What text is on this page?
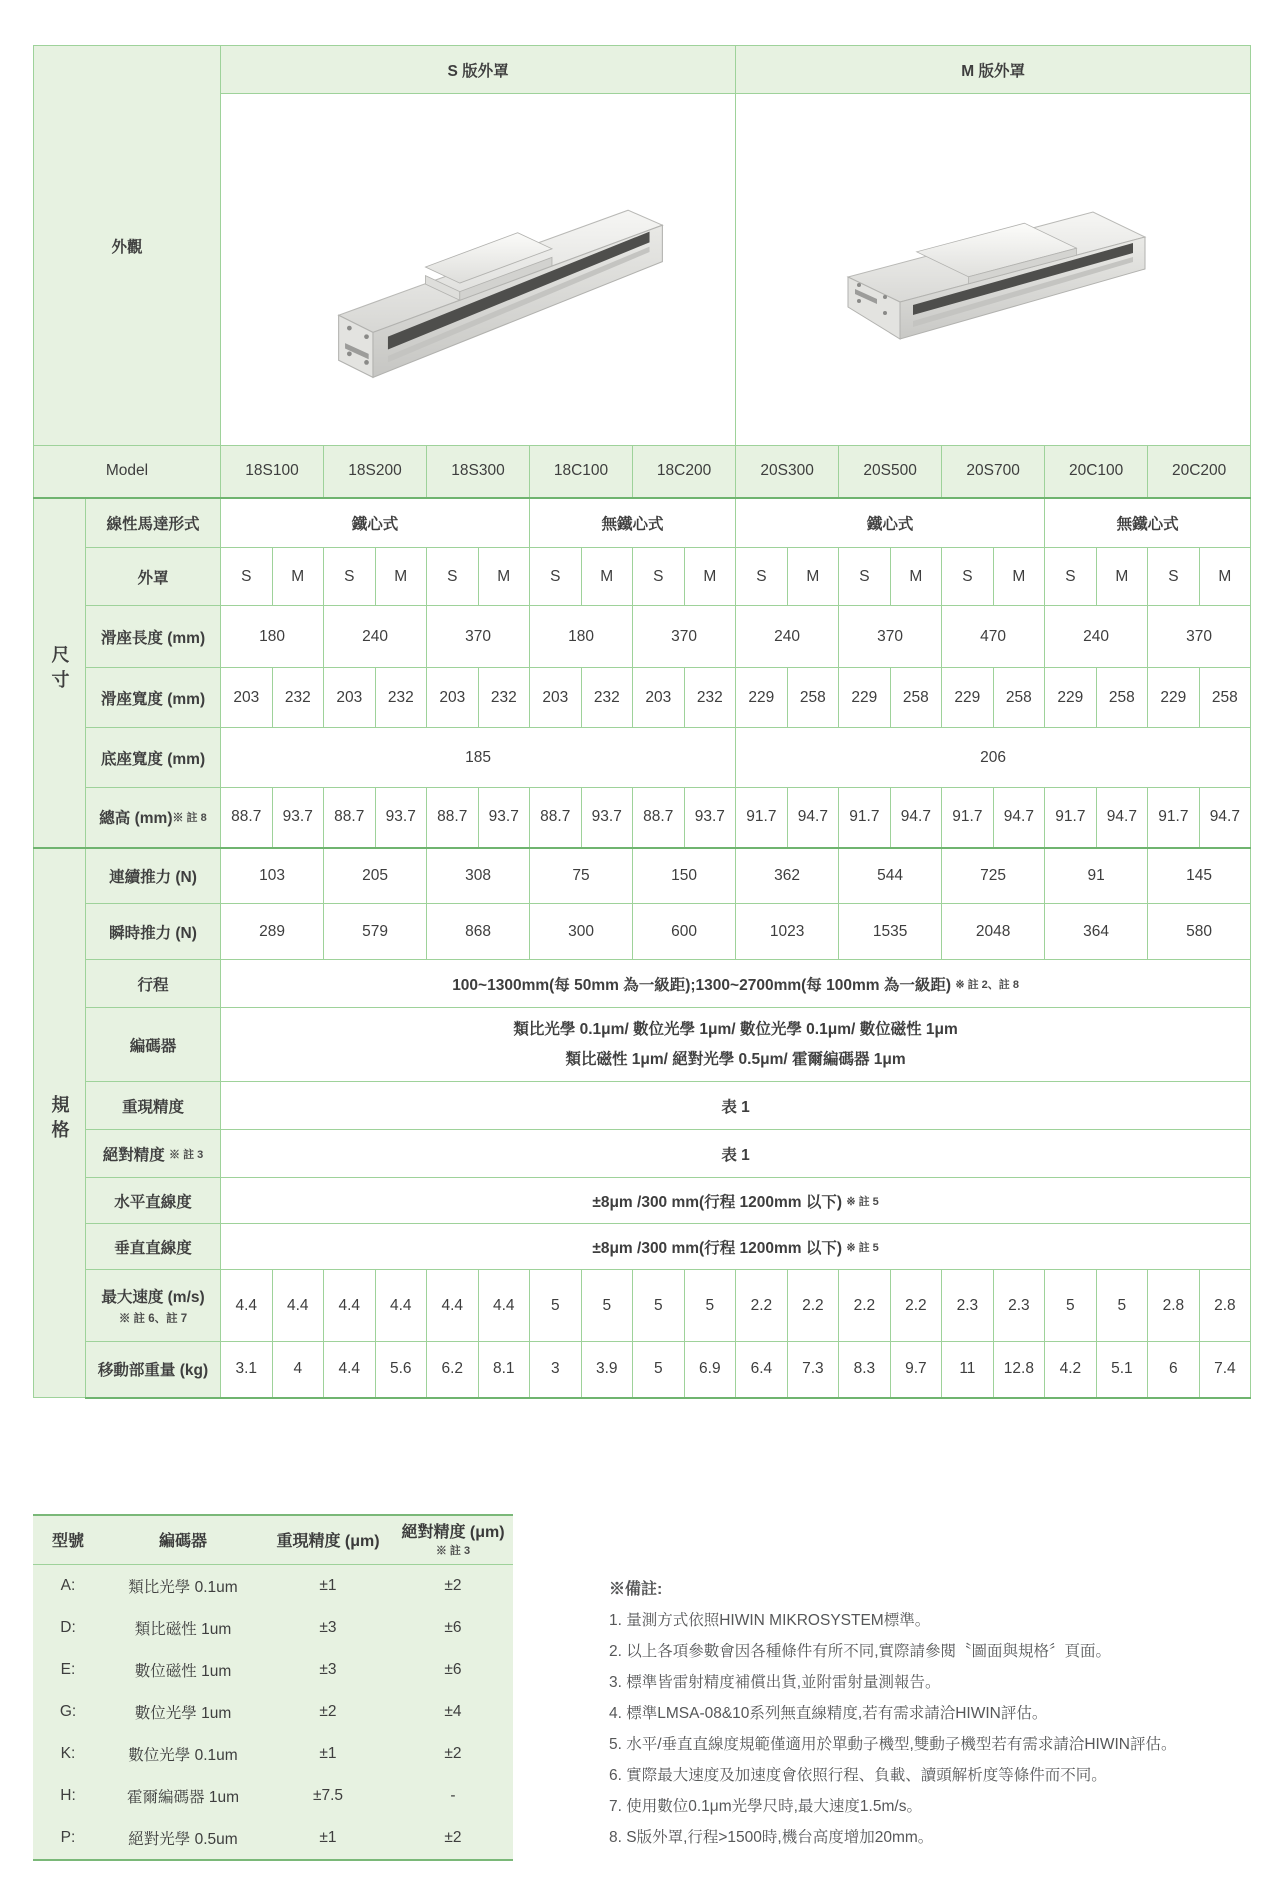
外觀		S 版外罩										M 版外罩									

Model		18S100		18S200		18S300		18C100		18C200		20S300		20S500		20S700		20C100		20C200	
尺寸	線性馬達形式	鐵心式						無鐵心式				鐵心式						無鐵心式			
	外罩	S	M	S	M	S	M	S	M	S	M	S	M	S	M	S	M	S	M	S	M
	滑座長度 (mm)	180		240		370		180		370		240		370		470		240		370	
	滑座寬度 (mm)	203	232	203	232	203	232	203	232	203	232	229	258	229	258	229	258	229	258	229	258
	底座寬度 (mm)	185										206									
	總高 (mm)※ 註 8	88.7	93.7	88.7	93.7	88.7	93.7	88.7	93.7	88.7	93.7	91.7	94.7	91.7	94.7	91.7	94.7	91.7	94.7	91.7	94.7
規格	連續推力 (N)	103		205		308		75		150		362		544		725		91		145	
	瞬時推力 (N)	289		579		868		300		600		1023		1535		2048		364		580	
	行程	100~1300mm(每 50mm 為一級距);1300~2700mm(每 100mm 為一級距) ※ 註 2、註 8																			
	編碼器	類比光學 0.1μm/ 數位光學 1μm/ 數位光學 0.1μm/ 數位磁性 1μm
類比磁性 1μm/ 絕對光學 0.5μm/ 霍爾編碼器 1μm																			

	重現精度	表 1																			
	絕對精度 ※ 註 3	表 1																			
	水平直線度	±8μm /300 mm(行程 1200mm 以下) ※ 註 5																			
	垂直直線度	±8μm /300 mm(行程 1200mm 以下) ※ 註 5																			
	最大速度 (m/s)
※ 註 6、註 7	4.4	4.4	4.4	4.4	4.4	4.4	5	5	5	5	2.2	2.2	2.2	2.2	2.3	2.3	5	5	2.8	2.8
	移動部重量 (kg)	3.1	4	4.4	5.6	6.2	8.1	3	3.9	5	6.9	6.4	7.3	8.3	9.7	11	12.8	4.2	5.1	6	7.4
型號	編碼器	重現精度 (μm)	絕對精度 (μm) ※ 註 3
A:	類比光學 0.1um	±1	±2
D:	類比磁性 1um	±3	±6
E:	數位磁性 1um	±3	±6
G:	數位光學 1um	±2	±4
K:	數位光學 0.1um	±1	±2
H:	霍爾編碼器 1um	±7.5	-
P:	絕對光學 0.5um	±1	±2
※備註:
1. 量測方式依照HIWIN MIKROSYSTEM標準。
2. 以上各項參數會因各種條件有所不同,實際請參閱〝圖面與規格〞頁面。
3. 標準皆雷射精度補償出貨,並附雷射量測報告。
4. 標準LMSA-08&10系列無直線精度,若有需求請洽HIWIN評估。
5. 水平/垂直直線度規範僅適用於單動子機型,雙動子機型若有需求請洽HIWIN評估。
6. 實際最大速度及加速度會依照行程、負載、讀頭解析度等條件而不同。
7. 使用數位0.1μm光學尺時,最大速度1.5m/s。
8. S版外罩,行程>1500時,機台高度增加20mm。
